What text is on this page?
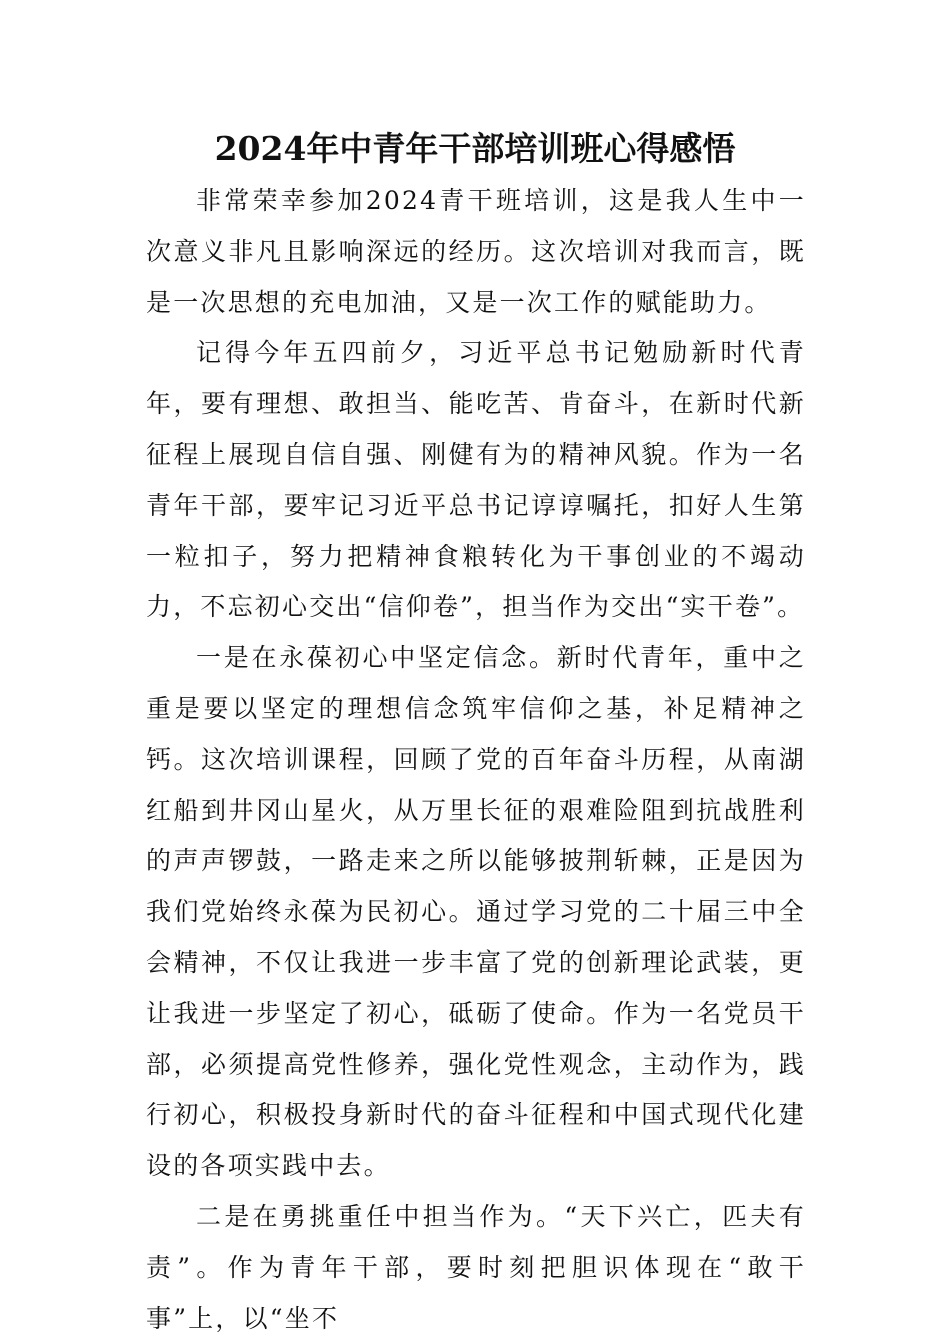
2024年中青年干部培训班心得感悟

非常荣幸参加2024青干班培训，这是我人生中一次意义非凡且影响深远的经历。这次培训对我而言，既是一次思想的充电加油，又是一次工作的赋能助力。

记得今年五四前夕，习近平总书记勉励新时代青年，要有理想、敢担当、能吃苦、肯奋斗，在新时代新征程上展现自信自强、刚健有为的精神风貌。作为一名青年干部，要牢记习近平总书记谆谆嘱托，扣好人生第一粒扣子，努力把精神食粮转化为干事创业的不竭动力，不忘初心交出“信仰卷”，担当作为交出“实干卷”。

一是在永葆初心中坚定信念。新时代青年，重中之重是要以坚定的理想信念筑牢信仰之基，补足精神之钙。这次培训课程，回顾了党的百年奋斗历程，从南湖红船到井冈山星火，从万里长征的艰难险阻到抗战胜利的声声锣鼓，一路走来之所以能够披荆斩棘，正是因为我们党始终永葆为民初心。通过学习党的二十届三中全会精神，不仅让我进一步丰富了党的创新理论武装，更让我进一步坚定了初心，砥砺了使命。作为一名党员干部，必须提高党性修养，强化党性观念，主动作为，践行初心，积极投身新时代的奋斗征程和中国式现代化建设的各项实践中去。

二是在勇挑重任中担当作为。“天下兴亡，匹夫有责”。作为青年干部，要时刻把胆识体现在“敢干事”上，以“坐不
